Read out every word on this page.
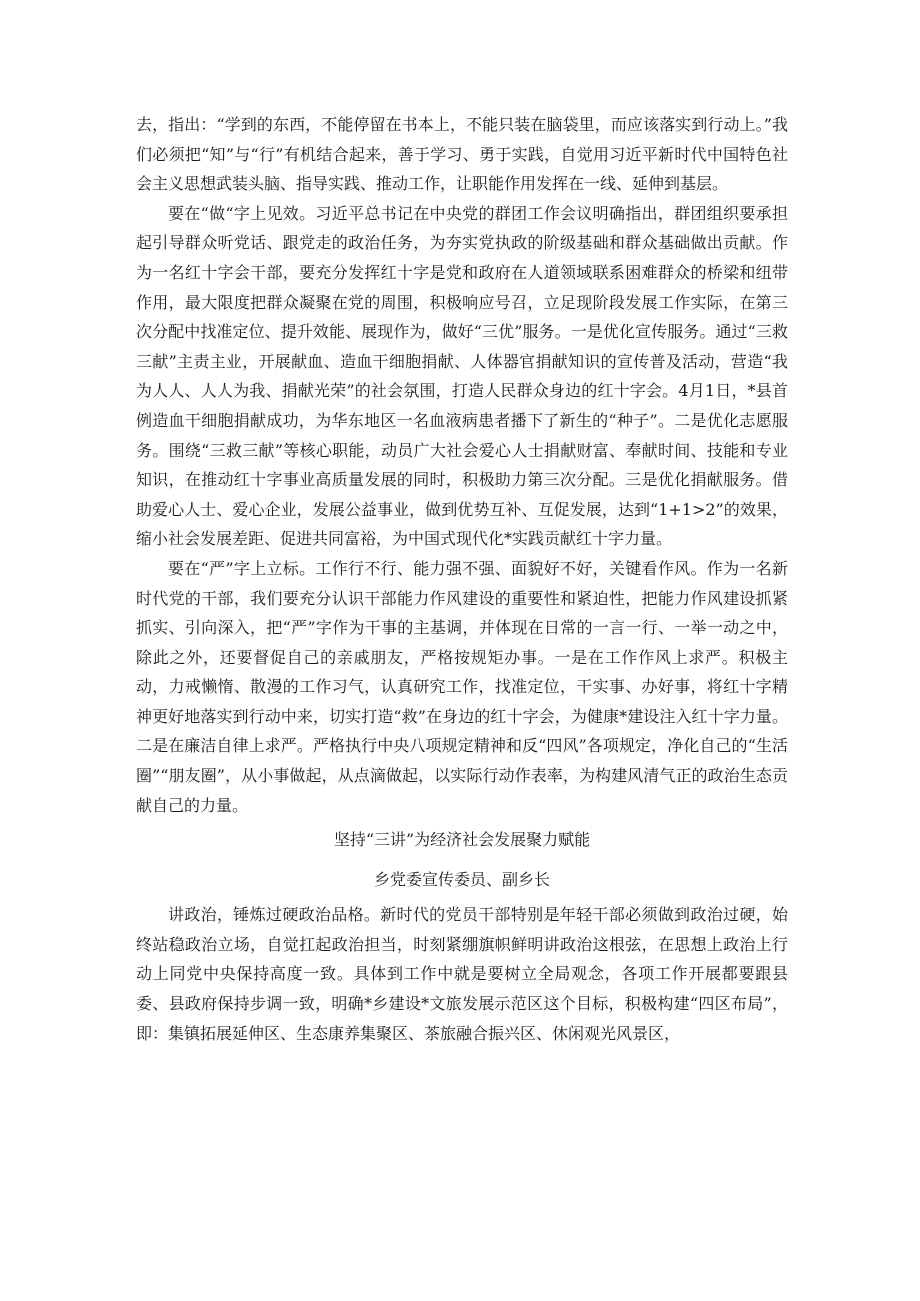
去，指出：“学到的东西，不能停留在书本上，不能只装在脑袋里，而应该落实到行动上。”我们必须把“知”与“行”有机结合起来，善于学习、勇于实践，自觉用习近平新时代中国特色社会主义思想武装头脑、指导实践、推动工作，让职能作用发挥在一线、延伸到基层。

要在“做“字上见效。习近平总书记在中央党的群团工作会议明确指出，群团组织要承担起引导群众听党话、跟党走的政治任务，为夯实党执政的阶级基础和群众基础做出贡献。作为一名红十字会干部，要充分发挥红十字是党和政府在人道领域联系困难群众的桥梁和纽带作用，最大限度把群众凝聚在党的周围，积极响应号召，立足现阶段发展工作实际，在第三次分配中找准定位、提升效能、展现作为，做好“三优”服务。一是优化宣传服务。通过“三救三献”主责主业，开展献血、造血干细胞捐献、人体器官捐献知识的宣传普及活动，营造“我为人人、人人为我、捐献光荣”的社会氛围，打造人民群众身边的红十字会。4月1日，*县首例造血干细胞捐献成功，为华东地区一名血液病患者播下了新生的“种子”。二是优化志愿服务。围绕“三救三献”等核心职能，动员广大社会爱心人士捐献财富、奉献时间、技能和专业知识，在推动红十字事业高质量发展的同时，积极助力第三次分配。三是优化捐献服务。借助爱心人士、爱心企业，发展公益事业，做到优势互补、互促发展，达到“1+1>2”的效果，缩小社会发展差距、促进共同富裕，为中国式现代化*实践贡献红十字力量。

要在“严”字上立标。工作行不行、能力强不强、面貌好不好，关键看作风。作为一名新时代党的干部，我们要充分认识干部能力作风建设的重要性和紧迫性，把能力作风建设抓紧抓实、引向深入，把“严”字作为干事的主基调，并体现在日常的一言一行、一举一动之中，除此之外，还要督促自己的亲戚朋友，严格按规矩办事。一是在工作作风上求严。积极主动，力戒懒惰、散漫的工作习气，认真研究工作，找准定位，干实事、办好事，将红十字精神更好地落实到行动中来，切实打造“救”在身边的红十字会，为健康*建设注入红十字力量。二是在廉洁自律上求严。严格执行中央八项规定精神和反“四风”各项规定，净化自己的“生活圈”“朋友圈”，从小事做起，从点滴做起，以实际行动作表率，为构建风清气正的政治生态贡献自己的力量。

坚持“三讲”为经济社会发展聚力赋能

乡党委宣传委员、副乡长

讲政治，锤炼过硬政治品格。新时代的党员干部特别是年轻干部必须做到政治过硬，始终站稳政治立场，自觉扛起政治担当，时刻紧绷旗帜鲜明讲政治这根弦，在思想上政治上行动上同党中央保持高度一致。具体到工作中就是要树立全局观念，各项工作开展都要跟县委、县政府保持步调一致，明确*乡建设*文旅发展示范区这个目标，积极构建“四区布局”，即：集镇拓展延伸区、生态康养集聚区、茶旅融合振兴区、休闲观光风景区，
